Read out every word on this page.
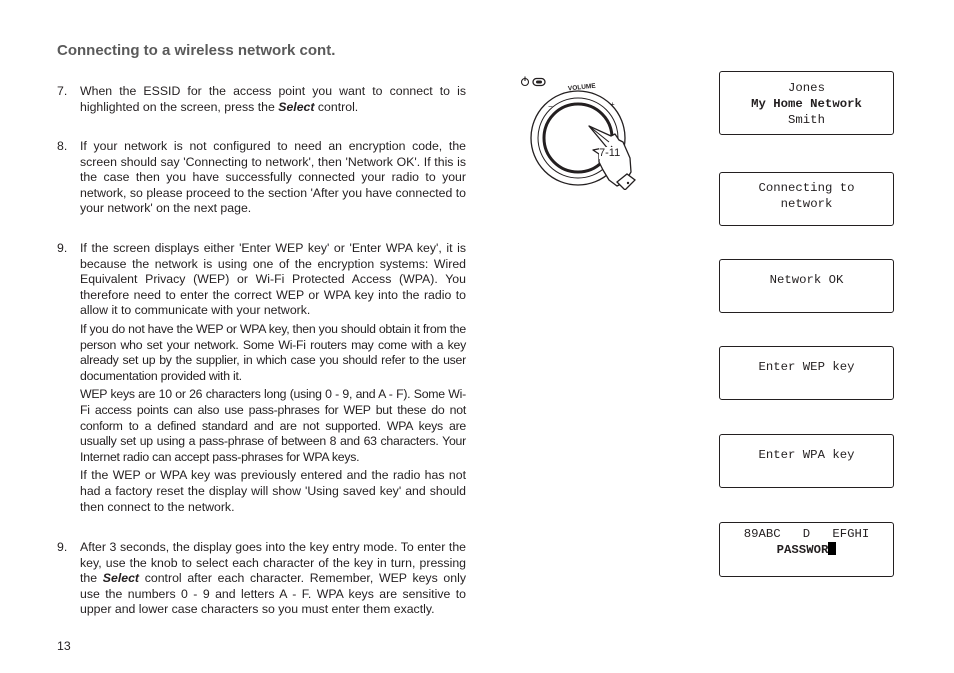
Connecting to a wireless network cont.
7. When the ESSID for the access point you want to connect to is highlighted on the screen, press the Select control.
8. If your network is not configured to need an encryption code, the screen should say 'Connecting to network', then 'Network OK'. If this is the case then you have successfully connected your radio to your network, so please proceed to the section 'After you have connected to your network' on the next page.
9. If the screen displays either 'Enter WEP key' or 'Enter WPA key', it is because the network is using one of the encryption systems: Wired Equivalent Privacy (WEP) or Wi-Fi Protected Access (WPA). You therefore need to enter the correct WEP or WPA key into the radio to allow it to communicate with your network.

If you do not have the WEP or WPA key, then you should obtain it from the person who set your network. Some Wi-Fi routers may come with a key already set up by the supplier, in which case you should refer to the user documentation provided with it.

WEP keys are 10 or 26 characters long (using 0 - 9, and A - F). Some Wi-Fi access points can also use pass-phrases for WEP but these do not conform to a defined standard and are not supported. WPA keys are usually set up using a pass-phrase of between 8 and 63 characters. Your Internet radio can accept pass-phrases for WPA keys.

If the WEP or WPA key was previously entered and the radio has not had a factory reset the display will show 'Using saved key' and should then connect to the network.

9. After 3 seconds, the display goes into the key entry mode. To enter the key, use the knob to select each character of the key in turn, pressing the Select control after each character. Remember, WEP keys only use the numbers 0 - 9 and letters A - F. WPA keys are sensitive to upper and lower case characters so you must enter them exactly.
13
VOLUME
−	+
7-11
Jones
My Home Network
Smith
Connecting to
network
Network OK
Enter WEP key
Enter WPA key
89ABC   D   EFGHI
PASSWOR
